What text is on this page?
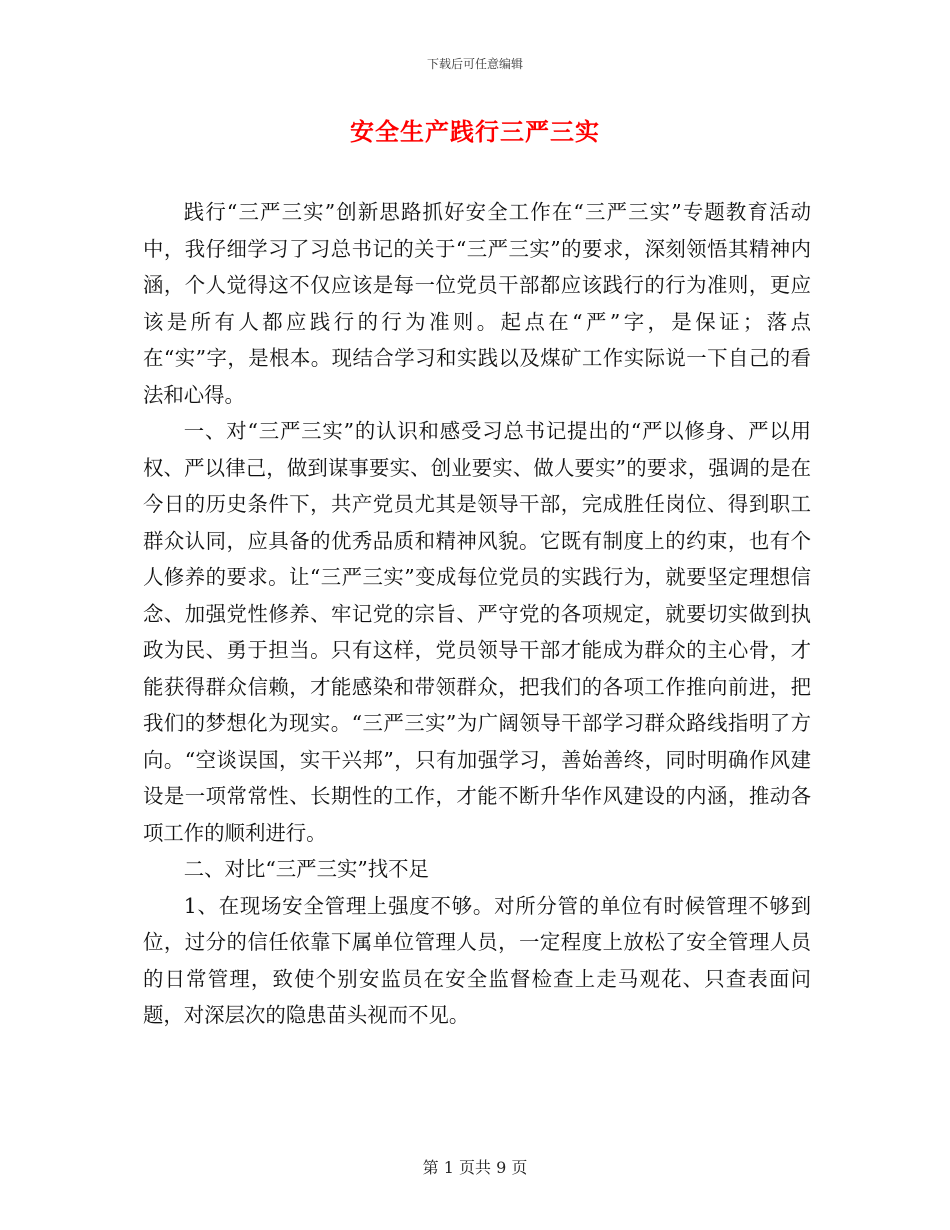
下载后可任意编辑
安全生产践行三严三实

践行“三严三实”创新思路抓好安全工作在“三严三实”专题教育活动中，我仔细学习了习总书记的关于“三严三实”的要求，深刻领悟其精神内涵，个人觉得这不仅应该是每一位党员干部都应该践行的行为准则，更应该是所有人都应践行的行为准则。起点在“严”字，是保证；落点在“实”字，是根本。现结合学习和实践以及煤矿工作实际说一下自己的看法和心得。

一、对“三严三实”的认识和感受习总书记提出的“严以修身、严以用权、严以律己，做到谋事要实、创业要实、做人要实”的要求，强调的是在今日的历史条件下，共产党员尤其是领导干部，完成胜任岗位、得到职工群众认同，应具备的优秀品质和精神风貌。它既有制度上的约束，也有个人修养的要求。让“三严三实”变成每位党员的实践行为，就要坚定理想信念、加强党性修养、牢记党的宗旨、严守党的各项规定，就要切实做到执政为民、勇于担当。只有这样，党员领导干部才能成为群众的主心骨，才能获得群众信赖，才能感染和带领群众，把我们的各项工作推向前进，把我们的梦想化为现实。“三严三实”为广阔领导干部学习群众路线指明了方向。“空谈误国，实干兴邦”，只有加强学习，善始善终，同时明确作风建设是一项常常性、长期性的工作，才能不断升华作风建设的内涵，推动各项工作的顺利进行。

二、对比“三严三实”找不足

1、在现场安全管理上强度不够。对所分管的单位有时候管理不够到位，过分的信任依靠下属单位管理人员，一定程度上放松了安全管理人员的日常管理，致使个别安监员在安全监督检查上走马观花、只查表面问题，对深层次的隐患苗头视而不见。

第 1 页共 9 页
